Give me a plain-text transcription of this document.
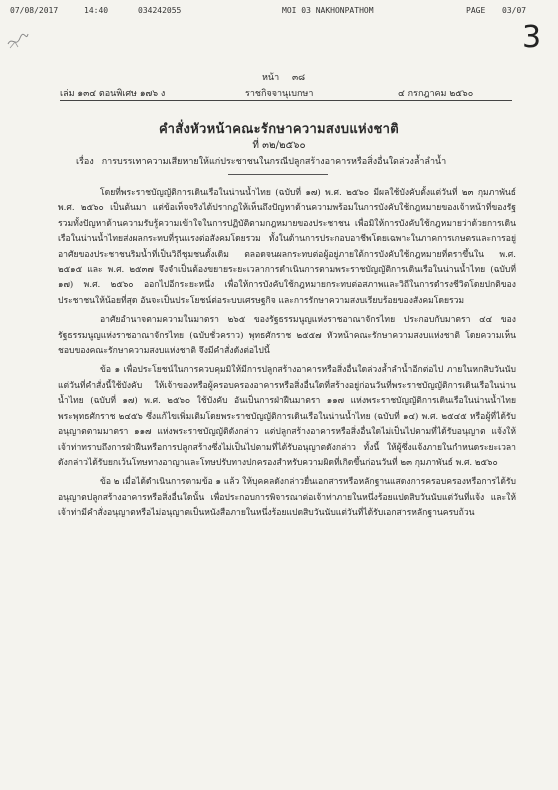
07/08/2017	14:40	034242055	MOI 03 NAKHONPATHOM	PAGE 03/07
3
หน้า ๓๘
เล่ม ๑๓๔ ตอนพิเศษ ๑๗๖ ง	ราชกิจจานุเบกษา	๔ กรกฎาคม ๒๕๖๐
คำสั่งหัวหน้าคณะรักษาความสงบแห่งชาติ
ที่ ๓๒/๒๕๖๐
เรื่อง การบรรเทาความเสียหายให้แก่ประชาชนในกรณีปลูกสร้างอาคารหรือสิ่งอื่นใดล่วงล้ำลำน้ำ

โดยที่พระราชบัญญัติการเดินเรือในน่านน้ำไทย (ฉบับที่ ๑๗) พ.ศ. ๒๕๖๐ มีผลใช้บังคับตั้งแต่วันที่ ๒๓ กุมภาพันธ์ พ.ศ. ๒๕๖๐ เป็นต้นมา แต่ข้อเท็จจริงได้ปรากฏให้เห็นถึงปัญหาด้านความพร้อมในการบังคับใช้กฎหมายของเจ้าหน้าที่ของรัฐ รวมทั้งปัญหาด้านความรับรู้ความเข้าใจในการปฏิบัติตามกฎหมายของประชาชน เพื่อมิให้การบังคับใช้กฎหมายว่าด้วยการเดินเรือในน่านน้ำไทยส่งผลกระทบที่รุนแรงต่อสังคมโดยรวม ทั้งในด้านการประกอบอาชีพโดยเฉพาะในภาคการเกษตรและการอยู่อาศัยของประชาชนริมน้ำที่เป็นวิถีชุมชนดั้งเดิม ตลอดจนผลกระทบต่อผู้อยู่ภายใต้การบังคับใช้กฎหมายที่ตราขึ้นใน พ.ศ. ๒๕๑๕ และ พ.ศ. ๒๕๓๗ จึงจำเป็นต้องขยายระยะเวลาการดำเนินการตามพระราชบัญญัติการเดินเรือในน่านน้ำไทย (ฉบับที่ ๑๗) พ.ศ. ๒๕๖๐ ออกไปอีกระยะหนึ่ง เพื่อให้การบังคับใช้กฎหมายกระทบต่อสภาพและวิถีในการดำรงชีวิตโดยปกติของประชาชนให้น้อยที่สุด อันจะเป็นประโยชน์ต่อระบบเศรษฐกิจ และการรักษาความสงบเรียบร้อยของสังคมโดยรวม

อาศัยอำนาจตามความในมาตรา ๒๖๕ ของรัฐธรรมนูญแห่งราชอาณาจักรไทย ประกอบกับมาตรา ๔๔ ของรัฐธรรมนูญแห่งราชอาณาจักรไทย (ฉบับชั่วคราว) พุทธศักราช ๒๕๕๗ หัวหน้าคณะรักษาความสงบแห่งชาติ โดยความเห็นชอบของคณะรักษาความสงบแห่งชาติ จึงมีคำสั่งดังต่อไปนี้

ข้อ ๑ เพื่อประโยชน์ในการควบคุมมิให้มีการปลูกสร้างอาคารหรือสิ่งอื่นใดล่วงล้ำลำน้ำอีกต่อไป ภายในหกสิบวันนับแต่วันที่คำสั่งนี้ใช้บังคับ ให้เจ้าของหรือผู้ครอบครองอาคารหรือสิ่งอื่นใดที่สร้างอยู่ก่อนวันที่พระราชบัญญัติการเดินเรือในน่านน้ำไทย (ฉบับที่ ๑๗) พ.ศ. ๒๕๖๐ ใช้บังคับ อันเป็นการฝ่าฝืนมาตรา ๑๑๗ แห่งพระราชบัญญัติการเดินเรือในน่านน้ำไทย พระพุทธศักราช ๒๔๕๖ ซึ่งแก้ไขเพิ่มเติมโดยพระราชบัญญัติการเดินเรือในน่านน้ำไทย (ฉบับที่ ๑๔) พ.ศ. ๒๕๔๕ หรือผู้ที่ได้รับอนุญาตตามมาตรา ๑๑๗ แห่งพระราชบัญญัติดังกล่าว แต่ปลูกสร้างอาคารหรือสิ่งอื่นใดไม่เป็นไปตามที่ได้รับอนุญาต แจ้งให้เจ้าท่าทราบถึงการฝ่าฝืนหรือการปลูกสร้างซึ่งไม่เป็นไปตามที่ได้รับอนุญาตดังกล่าว ทั้งนี้ ให้ผู้ซึ่งแจ้งภายในกำหนดระยะเวลาดังกล่าวได้รับยกเว้นโทษทางอาญาและโทษปรับทางปกครองสำหรับความผิดที่เกิดขึ้นก่อนวันที่ ๒๓ กุมภาพันธ์ พ.ศ. ๒๕๖๐

ข้อ ๒ เมื่อได้ดำเนินการตามข้อ ๑ แล้ว ให้บุคคลดังกล่าวยื่นเอกสารหรือหลักฐานแสดงการครอบครองหรือการได้รับอนุญาตปลูกสร้างอาคารหรือสิ่งอื่นใดนั้น เพื่อประกอบการพิจารณาต่อเจ้าท่าภายในหนึ่งร้อยแปดสิบวันนับแต่วันที่แจ้ง และให้เจ้าท่ามีคำสั่งอนุญาตหรือไม่อนุญาตเป็นหนังสือภายในหนึ่งร้อยแปดสิบวันนับแต่วันที่ได้รับเอกสารหลักฐานครบถ้วน
